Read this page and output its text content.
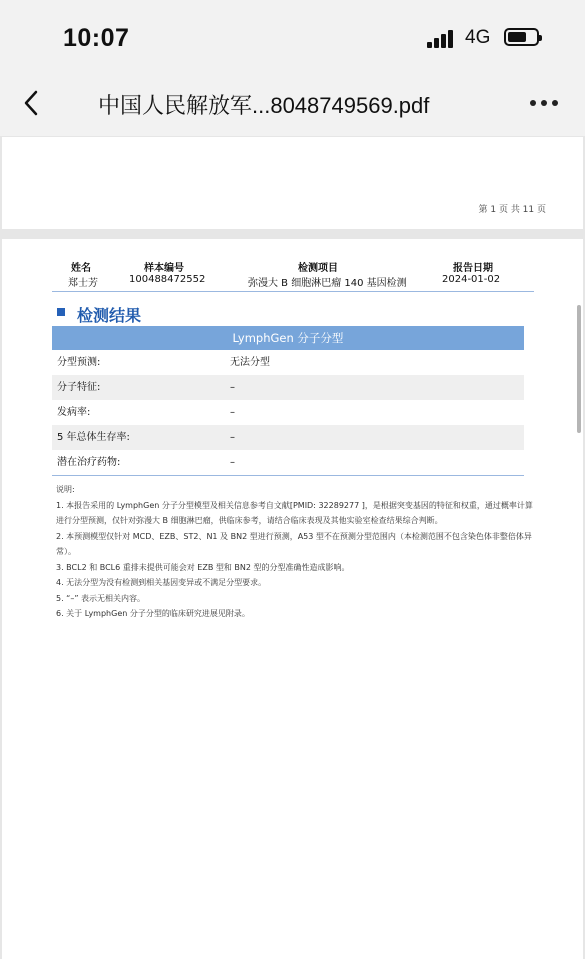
10:07	4G
中国人民解放军...8048749569.pdf
第 1 页 共 11 页
姓名	样本编号	检测项目	报告日期
郑士芳	100488472552	弥漫大 B 细胞淋巴瘤 140 基因检测	2024-01-02
检测结果
LymphGen 分子分型
分型预测:	无法分型
分子特征:	–
发病率:	–
5 年总体生存率:	–
潜在治疗药物:	–
说明:
1. 本报告采用的 LymphGen 分子分型模型及相关信息参考自文献[PMID: 32289277 ]，是根据突变基因的特征和权重，通过概率计算
进行分型预测，仅针对弥漫大 B 细胞淋巴瘤，供临床参考，请结合临床表现及其他实验室检查结果综合判断。
2. 本预测模型仅针对 MCD、EZB、ST2、N1 及 BN2 型进行预测，A53 型不在预测分型范围内（本检测范围不包含染色体非整倍体异
常）。
3. BCL2 和 BCL6 重排未提供可能会对 EZB 型和 BN2 型的分型准确性造成影响。
4. 无法分型为没有检测到相关基因变异或不满足分型要求。
5. “–” 表示无相关内容。
6. 关于 LymphGen 分子分型的临床研究进展见附录。
